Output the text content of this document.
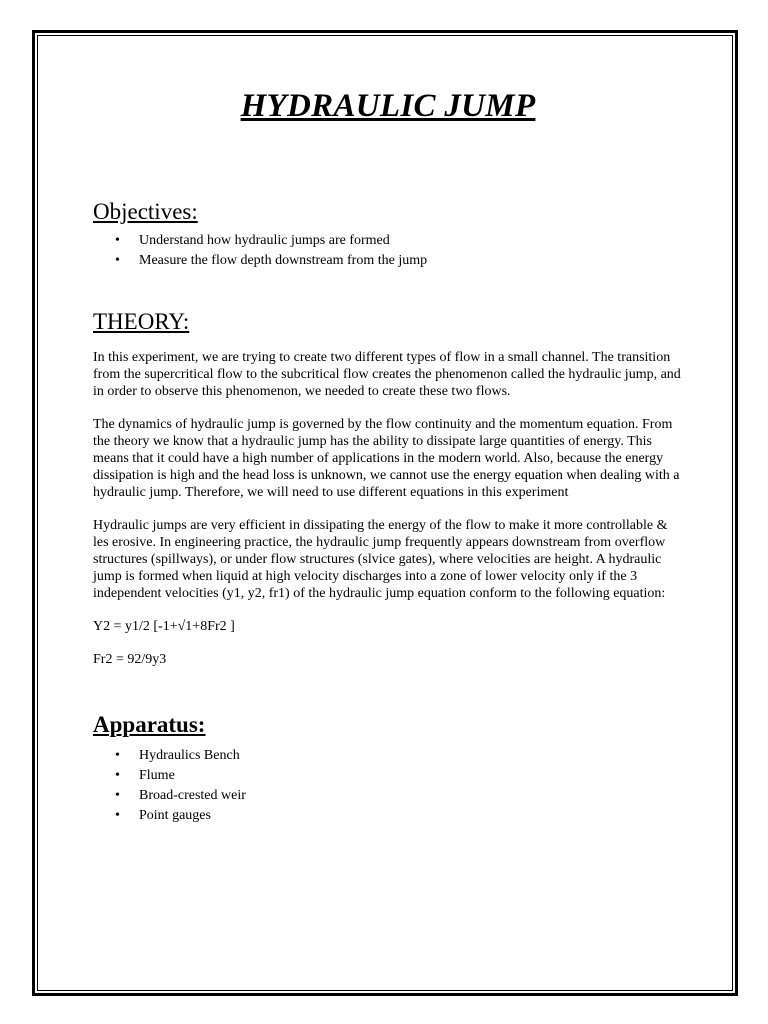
HYDRAULIC JUMP
Objectives:
• Understand how hydraulic jumps are formed
• Measure the flow depth downstream from the jump
THEORY:

In this experiment, we are trying to create two different types of flow in a small channel. The transition from the supercritical flow to the subcritical flow creates the phenomenon called the hydraulic jump, and in order to observe this phenomenon, we needed to create these two flows.

The dynamics of hydraulic jump is governed by the flow continuity and the momentum equation. From the theory we know that a hydraulic jump has the ability to dissipate large quantities of energy. This means that it could have a high number of applications in the modern world. Also, because the energy dissipation is high and the head loss is unknown, we cannot use the energy equation when dealing with a hydraulic jump. Therefore, we will need to use different equations in this experiment

Hydraulic jumps are very efficient in dissipating the energy of the flow to make it more controllable & les erosive. In engineering practice, the hydraulic jump frequently appears downstream from overflow structures (spillways), or under flow structures (slvice gates), where velocities are height. A hydraulic jump is formed when liquid at high velocity discharges into a zone of lower velocity only if the 3 independent velocities (y1, y2, fr1) of the hydraulic jump equation conform to the following equation:

Y2 = y1/2 [-1+√1+8Fr2 ]

Fr2 = 92/9y3

Apparatus:
• Hydraulics Bench
• Flume
• Broad-crested weir
• Point gauges
